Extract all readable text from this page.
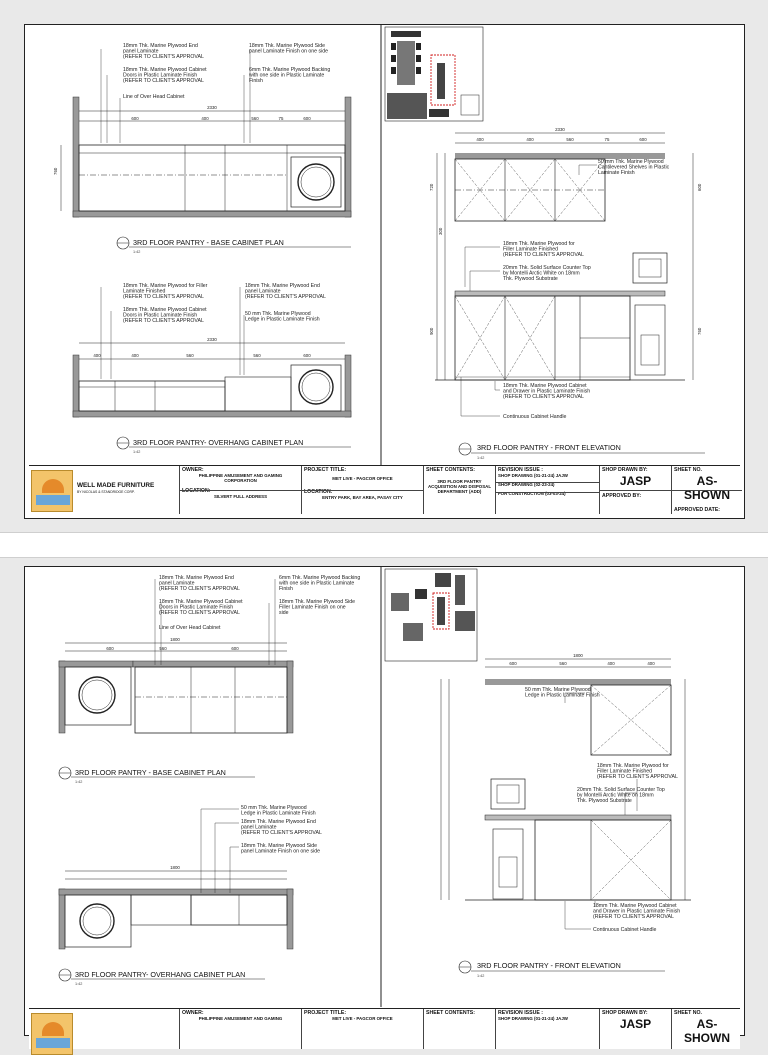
2330
600	400	560	75	600
760
18mm Thk. Marine Plywood End panel Laminate (REFER TO CLIENT'S APPROVAL
18mm Thk. Marine Plywood Side panel Laminate Finish on one side
18mm Thk. Marine Plywood Cabinet Doors in Plastic Laminate Finish (REFER TO CLIENT'S APPROVAL
6mm Thk. Marine Plywood Backing with one side in Plastic Laminate Finish
Line of Over Head Cabinet
3RD FLOOR PANTRY - BASE CABINET PLAN
1:42
2330
400	400	560	560	600
18mm Thk. Marine Plywood for Filler Laminate Finished (REFER TO CLIENT'S APPROVAL
18mm Thk. Marine Plywood End panel Laminate (REFER TO CLIENT'S APPROVAL
18mm Thk. Marine Plywood Cabinet Doors in Plastic Laminate Finish (REFER TO CLIENT'S APPROVAL
50 mm Thk. Marine Plywood Ledge in Plastic Laminate Finish
3RD FLOOR PANTRY- OVERHANG CABINET PLAN
1:42
2330
400	400	560	75	600
720
300
900
600
760
50 mm Thk. Marine Plywood Cantilevered Shelves in Plastic Laminate Finish
18mm Thk. Marine Plywood for Filler Laminate Finished (REFER TO CLIENT'S APPROVAL
20mm Thk. Solid Surface Counter Top by Montelli Arctic White on 18mm Thk. Plywood Substrate
18mm Thk. Marine Plywood Cabinet and Drawer in Plastic Laminate Finish (REFER TO CLIENT'S APPROVAL
Continuous Cabinet Handle
3RD FLOOR PANTRY - FRONT ELEVATION
1:42
WELL MADE FURNITURE
BY NICOLAS & STANDRIDGE CORP.
OWNER:
PHILIPPINE AMUSEMENT AND GAMING CORPORATION
LOCATION:
SILVERT FULL ADDRESS
PROJECT TITLE:
MET LIVE - PAGCOR OFFICE
LOCATION:
ENTRY PARK, BAY AREA, PASAY CITY
SHEET CONTENTS:
3RD FLOOR PANTRY ACQUISITION AND DISPOSAL DEPARTMENT (ADD)
REVISION ISSUE :
SHOP DRAWING (01-21-24) JAJW
SHOP DRAWING (02-23-24)
FOR CONSTRUCTION (03-03-24)
SHOP DRAWN BY:
JASP
APPROVED BY:
SHEET NO.
AS-SHOWN
APPROVED DATE:
1800
600	560	600
18mm Thk. Marine Plywood End panel Laminate (REFER TO CLIENT'S APPROVAL
6mm Thk. Marine Plywood Backing with one side in Plastic Laminate Finish
18mm Thk. Marine Plywood Cabinet Doors in Plastic Laminate Finish (REFER TO CLIENT'S APPROVAL
18mm Thk. Marine Plywood Side Filler Laminate Finish on one side
Line of Over Head Cabinet
3RD FLOOR PANTRY - BASE CABINET PLAN
1:42
1800
50 mm Thk. Marine Plywood Ledge in Plastic Laminate Finish
18mm Thk. Marine Plywood End panel Laminate (REFER TO CLIENT'S APPROVAL
18mm Thk. Marine Plywood Side panel Laminate Finish on one side
3RD FLOOR PANTRY- OVERHANG CABINET PLAN
1:42
1800
600	560	400	400
50 mm Thk. Marine Plywood Ledge in Plastic Laminate Finish
18mm Thk. Marine Plywood for Filler Laminate Finished (REFER TO CLIENT'S APPROVAL
20mm Thk. Solid Surface Counter Top by Montelli Arctic White on 18mm Thk. Plywood Substrate
18mm Thk. Marine Plywood Cabinet and Drawer in Plastic Laminate Finish (REFER TO CLIENT'S APPROVAL
Continuous Cabinet Handle
3RD FLOOR PANTRY - FRONT ELEVATION
1:42
OWNER:
PHILIPPINE AMUSEMENT AND GAMING
PROJECT TITLE:
MET LIVE - PAGCOR OFFICE
SHEET CONTENTS:	REVISION ISSUE :
SHOP DRAWING (01-21-24) JAJW
SHOP DRAWN BY:
JASP
SHEET NO.
AS-SHOWN
